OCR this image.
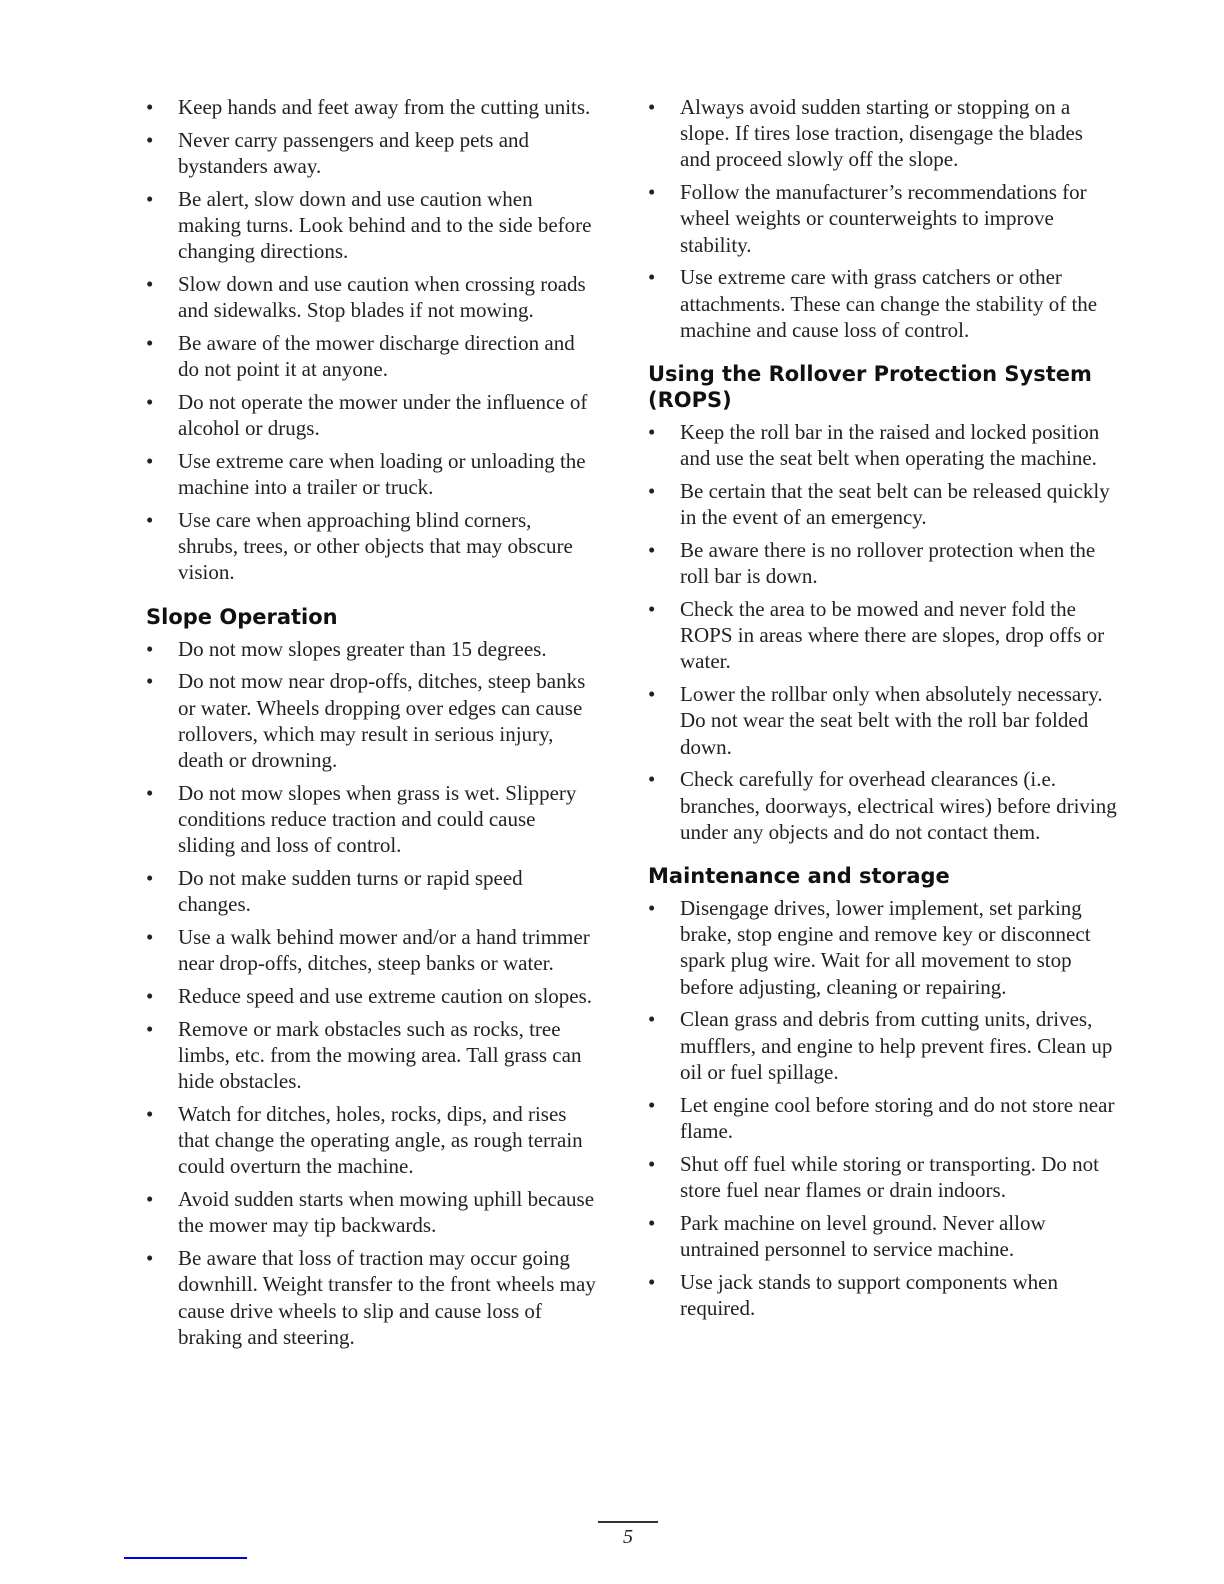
• Keep hands and feet away from the cutting units.
• Never carry passengers and keep pets and bystanders away.
• Be alert, slow down and use caution when making turns. Look behind and to the side before changing directions.
• Slow down and use caution when crossing roads and sidewalks. Stop blades if not mowing.
• Be aware of the mower discharge direction and do not point it at anyone.
• Do not operate the mower under the influence of alcohol or drugs.
• Use extreme care when loading or unloading the machine into a trailer or truck.
• Use care when approaching blind corners, shrubs, trees, or other objects that may obscure vision.
Slope Operation
• Do not mow slopes greater than 15 degrees.
• Do not mow near drop-offs, ditches, steep banks or water. Wheels dropping over edges can cause rollovers, which may result in serious injury, death or drowning.
• Do not mow slopes when grass is wet. Slippery conditions reduce traction and could cause sliding and loss of control.
• Do not make sudden turns or rapid speed changes.
• Use a walk behind mower and/or a hand trimmer near drop-offs, ditches, steep banks or water.
• Reduce speed and use extreme caution on slopes.
• Remove or mark obstacles such as rocks, tree limbs, etc. from the mowing area. Tall grass can hide obstacles.
• Watch for ditches, holes, rocks, dips, and rises that change the operating angle, as rough terrain could overturn the machine.
• Avoid sudden starts when mowing uphill because the mower may tip backwards.
• Be aware that loss of traction may occur going downhill. Weight transfer to the front wheels may cause drive wheels to slip and cause loss of braking and steering.
• Always avoid sudden starting or stopping on a slope. If tires lose traction, disengage the blades and proceed slowly off the slope.
• Follow the manufacturer’s recommendations for wheel weights or counterweights to improve stability.
• Use extreme care with grass catchers or other attachments. These can change the stability of the machine and cause loss of control.
Using the Rollover Protection System (ROPS)
• Keep the roll bar in the raised and locked position and use the seat belt when operating the machine.
• Be certain that the seat belt can be released quickly in the event of an emergency.
• Be aware there is no rollover protection when the roll bar is down.
• Check the area to be mowed and never fold the ROPS in areas where there are slopes, drop offs or water.
• Lower the rollbar only when absolutely necessary. Do not wear the seat belt with the roll bar folded down.
• Check carefully for overhead clearances (i.e. branches, doorways, electrical wires) before driving under any objects and do not contact them.
Maintenance and storage
• Disengage drives, lower implement, set parking brake, stop engine and remove key or disconnect spark plug wire. Wait for all movement to stop before adjusting, cleaning or repairing.
• Clean grass and debris from cutting units, drives, mufflers, and engine to help prevent fires. Clean up oil or fuel spillage.
• Let engine cool before storing and do not store near flame.
• Shut off fuel while storing or transporting. Do not store fuel near flames or drain indoors.
• Park machine on level ground. Never allow untrained personnel to service machine.
• Use jack stands to support components when required.
5
